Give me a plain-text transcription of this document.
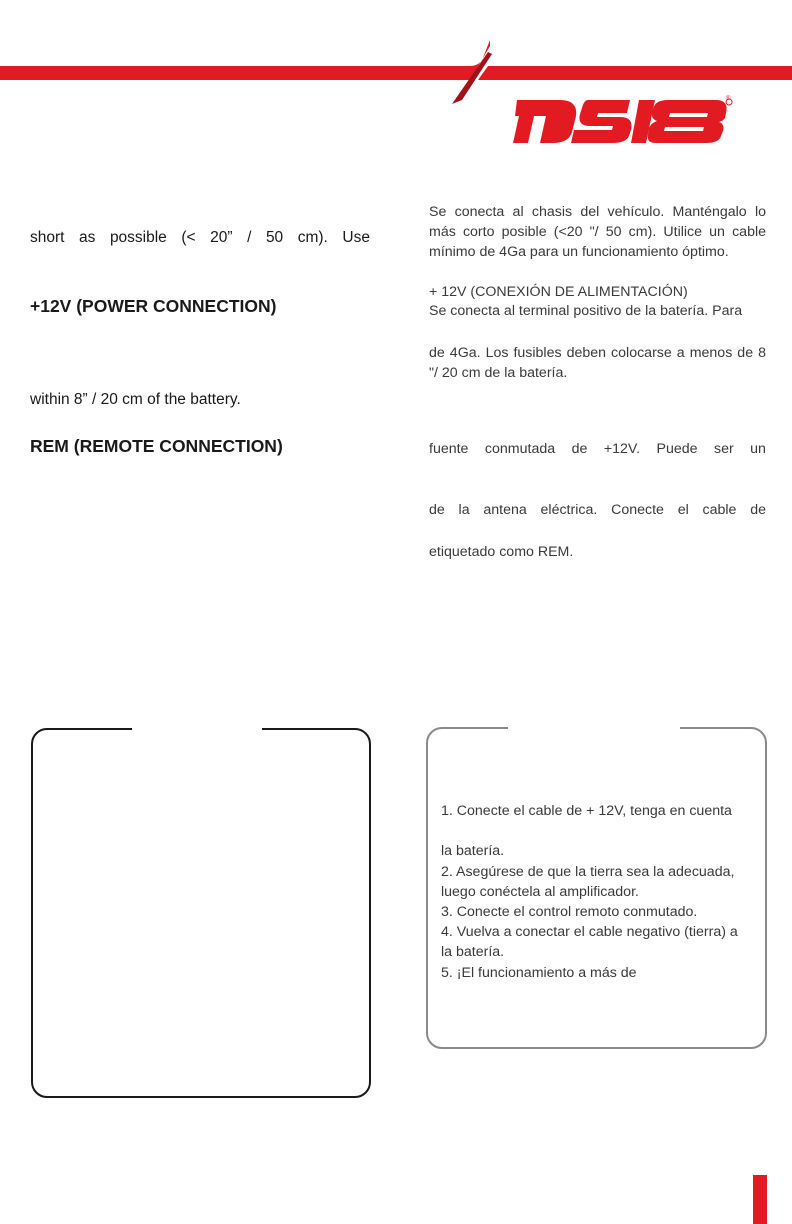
®
short as possible (< 20” / 50 cm). Use
+12V (POWER CONNECTION)
within 8” / 20 cm of the battery.
REM (REMOTE CONNECTION)
Se conecta al chasis del vehículo. Manténgalo lo más corto posible (<20 "/ 50 cm). Utilice un cable mínimo de 4Ga para un funcionamiento óptimo.
+ 12V (CONEXIÓN DE ALIMENTACIÓN)
Se conecta al terminal positivo de la batería. Para
de 4Ga. Los fusibles deben colocarse a menos de 8 "/ 20 cm de la batería.
fuente conmutada de +12V. Puede ser un
de la antena eléctrica. Conecte el cable de
etiquetado como REM.
1. Conecte el cable de + 12V, tenga en cuenta
la batería.
2. Asegúrese de que la tierra sea la adecuada,
luego conéctela al amplificador.
3. Conecte el control remoto conmutado.
4. Vuelva a conectar el cable negativo (tierra) a
la batería.
5. ¡El funcionamiento a más de
